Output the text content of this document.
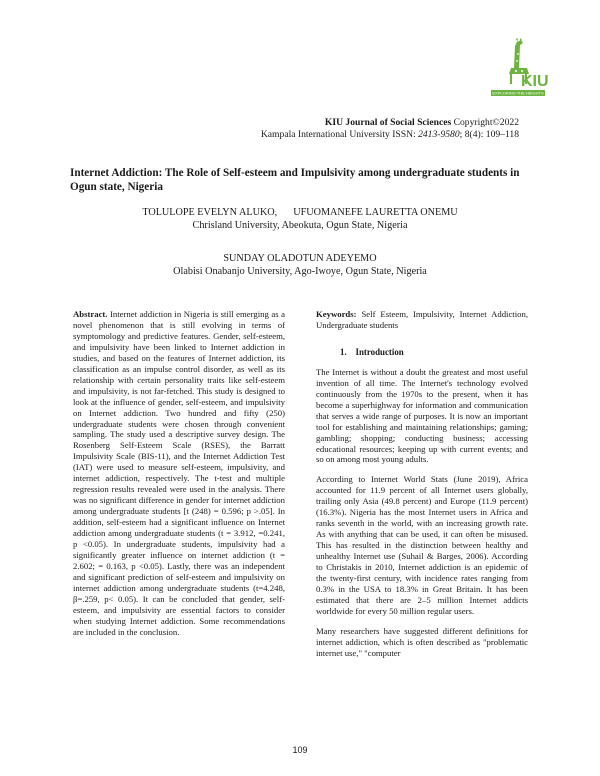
KIU
EXPLORING THE HEIGHTS
KIU Journal of Social Sciences Copyright©2022
Kampala International University ISSN: 2413-9580; 8(4): 109–118
Internet Addiction: The Role of Self-esteem and Impulsivity among undergraduate students in Ogun state, Nigeria
TOLULOPE EVELYN ALUKO, UFUOMANEFE LAURETTA ONEMU
Chrisland University, Abeokuta, Ogun State, Nigeria
SUNDAY OLADOTUN ADEYEMO
Olabisi Onabanjo University, Ago-Iwoye, Ogun State, Nigeria

Abstract. Internet addiction in Nigeria is still emerging as a novel phenomenon that is still evolving in terms of symptomology and predictive features. Gender, self-esteem, and impulsivity have been linked to Internet addiction in studies, and based on the features of Internet addiction, its classification as an impulse control disorder, as well as its relationship with certain personality traits like self-esteem and impulsivity, is not far-fetched. This study is designed to look at the influence of gender, self-esteem, and impulsivity on Internet addiction. Two hundred and fifty (250) undergraduate students were chosen through convenient sampling. The study used a descriptive survey design. The Rosenberg Self-Esteem Scale (RSES), the Barratt Impulsivity Scale (BIS-11), and the Internet Addiction Test (IAT) were used to measure self-esteem, impulsivity, and internet addiction, respectively. The t-test and multiple regression results revealed were used in the analysis. There was no significant difference in gender for internet addiction among undergraduate students [t (248) = 0.596; p >.05]. In addition, self-esteem had a significant influence on Internet addiction among undergraduate students (t = 3.912, =0.241, p <0.05). In undergraduate students, impulsivity had a significantly greater influence on internet addiction (t = 2.602; = 0.163, p <0.05). Lastly, there was an independent and significant prediction of self-esteem and impulsivity on internet addiction among undergraduate students (t=4.248, β=.259, p< 0.05). It can be concluded that gender, self-esteem, and impulsivity are essential factors to consider when studying Internet addiction. Some recommendations are included in the conclusion.

Keywords: Self Esteem, Impulsivity, Internet Addiction, Undergraduate students

1. Introduction

The Internet is without a doubt the greatest and most useful invention of all time. The Internet's technology evolved continuously from the 1970s to the present, when it has become a superhighway for information and communication that serves a wide range of purposes. It is now an important tool for establishing and maintaining relationships; gaming; gambling; shopping; conducting business; accessing educational resources; keeping up with current events; and so on among most young adults.

According to Internet World Stats (June 2019), Africa accounted for 11.9 percent of all Internet users globally, trailing only Asia (49.8 percent) and Europe (11.9 percent) (16.3%). Nigeria has the most Internet users in Africa and ranks seventh in the world, with an increasing growth rate. As with anything that can be used, it can often be misused. This has resulted in the distinction between healthy and unhealthy Internet use (Suhail & Barges, 2006). According to Christakis in 2010, Internet addiction is an epidemic of the twenty-first century, with incidence rates ranging from 0.3% in the USA to 18.3% in Great Britain. It has been estimated that there are 2–5 million Internet addicts worldwide for every 50 million regular users.

Many researchers have suggested different definitions for internet addiction, which is often described as "problematic internet use," "computer

109
